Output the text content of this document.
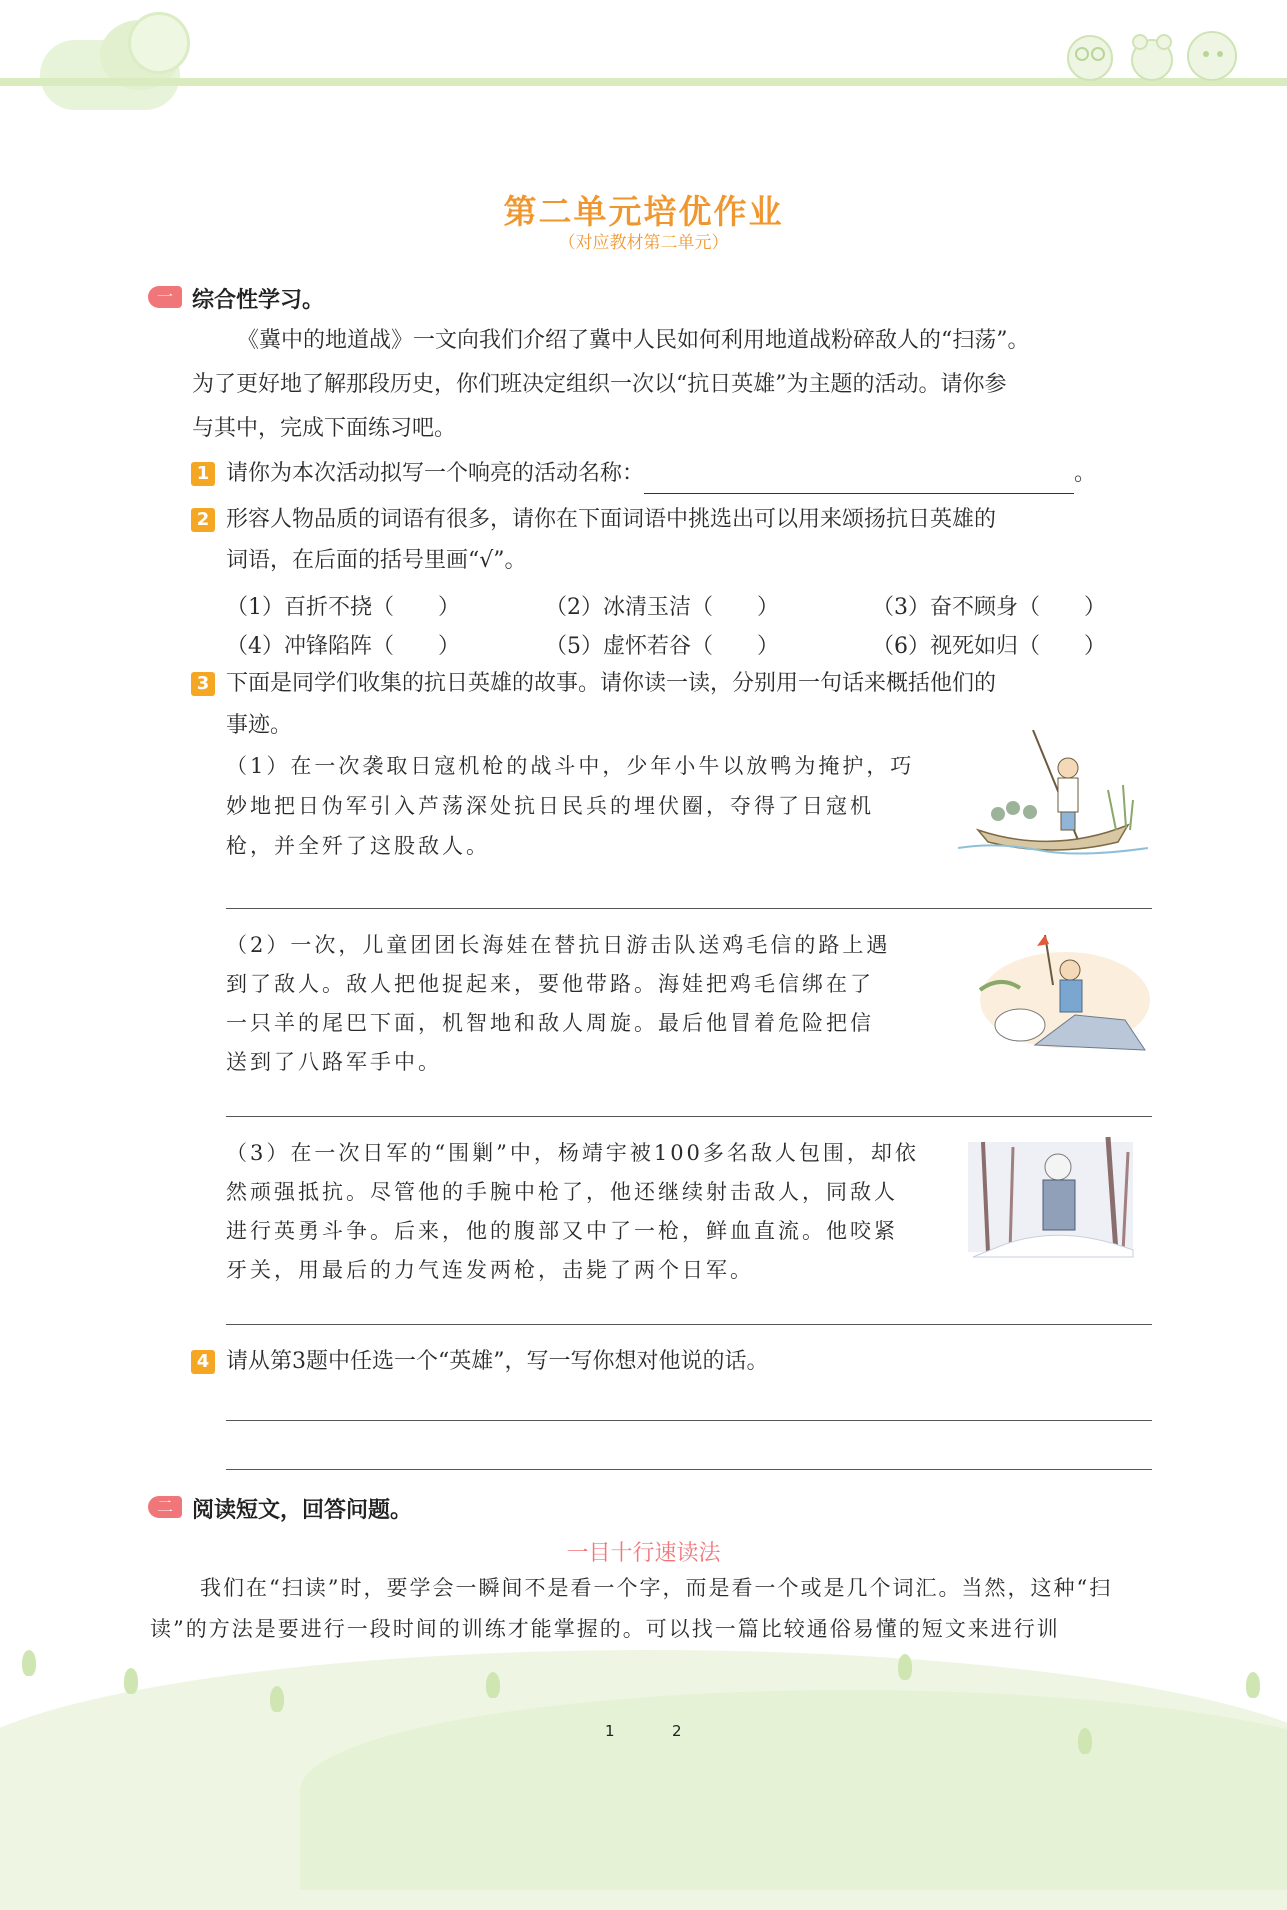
第二单元培优作业
（对应教材第二单元）
一 综合性学习。
《冀中的地道战》一文向我们介绍了冀中人民如何利用地道战粉碎敌人的“扫荡”。
为了更好地了解那段历史，你们班决定组织一次以“抗日英雄”为主题的活动。请你参
与其中，完成下面练习吧。
1 请你为本次活动拟写一个响亮的活动名称：	。
2 形容人物品质的词语有很多，请你在下面词语中挑选出可以用来颂扬抗日英雄的
词语，在后面的括号里画“√”。
（1）百折不挠（　　）	（2）冰清玉洁（　　）	（3）奋不顾身（　　）
（4）冲锋陷阵（　　）	（5）虚怀若谷（　　）	（6）视死如归（　　）
3 下面是同学们收集的抗日英雄的故事。请你读一读，分别用一句话来概括他们的
事迹。
（1）在一次袭取日寇机枪的战斗中，少年小牛以放鸭为掩护，巧
妙地把日伪军引入芦荡深处抗日民兵的埋伏圈，夺得了日寇机
枪，并全歼了这股敌人。
（2）一次，儿童团团长海娃在替抗日游击队送鸡毛信的路上遇
到了敌人。敌人把他捉起来，要他带路。海娃把鸡毛信绑在了
一只羊的尾巴下面，机智地和敌人周旋。最后他冒着危险把信
送到了八路军手中。
（3）在一次日军的“围剿”中，杨靖宇被100多名敌人包围，却依
然顽强抵抗。尽管他的手腕中枪了，他还继续射击敌人，同敌人
进行英勇斗争。后来，他的腹部又中了一枪，鲜血直流。他咬紧
牙关，用最后的力气连发两枪，击毙了两个日军。
4 请从第3题中任选一个“英雄”，写一写你想对他说的话。
二 阅读短文，回答问题。
一目十行速读法
我们在“扫读”时，要学会一瞬间不是看一个字，而是看一个或是几个词汇。当然，这种“扫
读”的方法是要进行一段时间的训练才能掌握的。可以找一篇比较通俗易懂的短文来进行训
1	2
